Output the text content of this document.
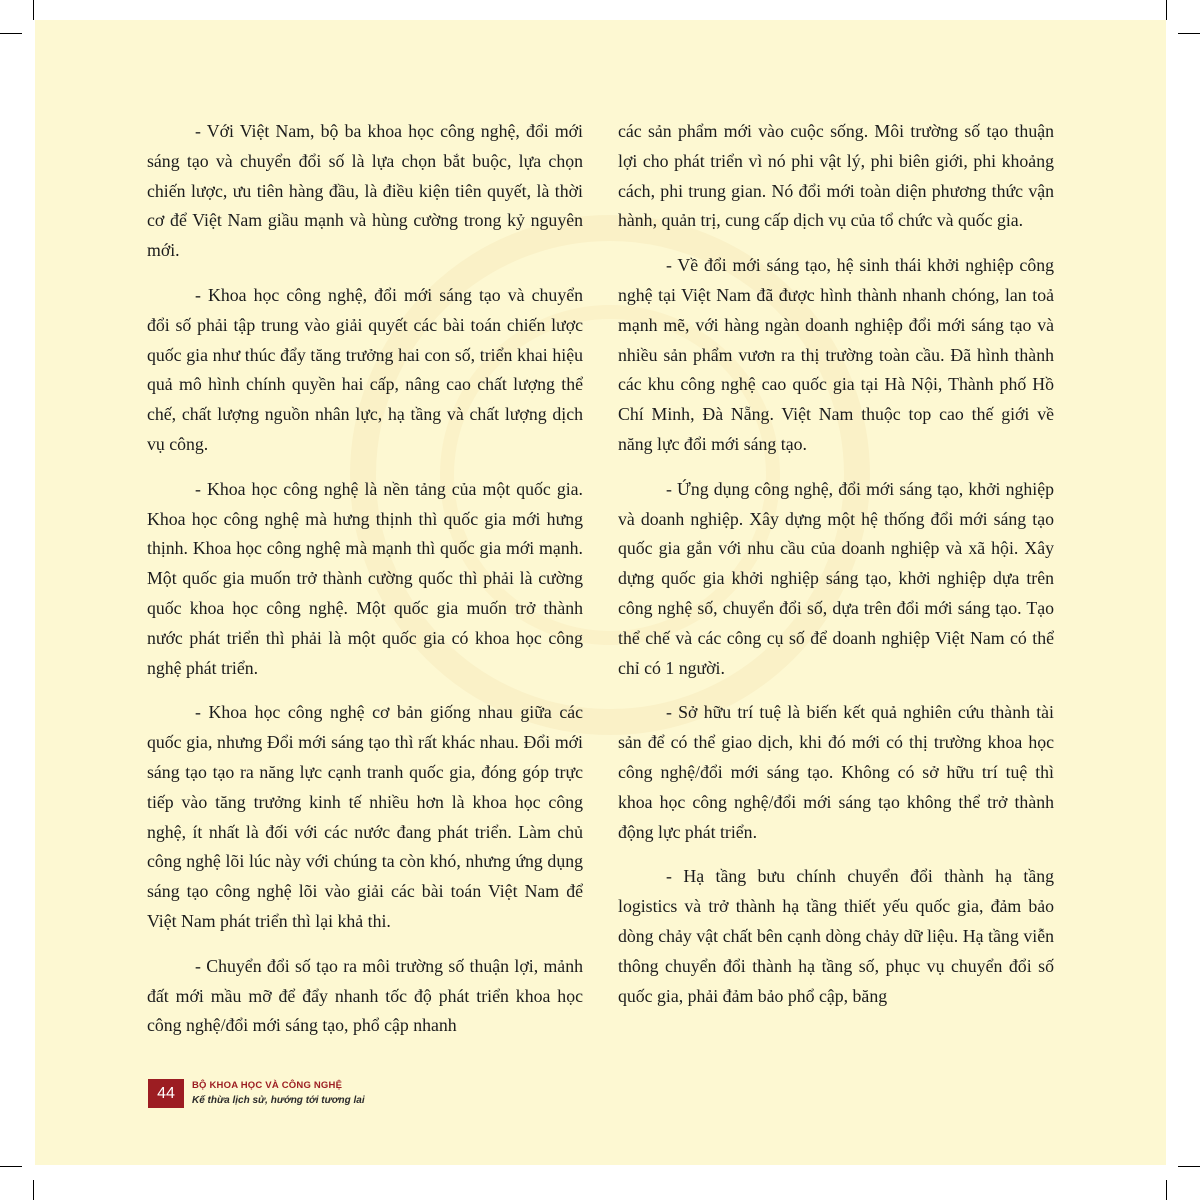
- Với Việt Nam, bộ ba khoa học công nghệ, đổi mới sáng tạo và chuyển đổi số là lựa chọn bắt buộc, lựa chọn chiến lược, ưu tiên hàng đầu, là điều kiện tiên quyết, là thời cơ để Việt Nam giầu mạnh và hùng cường trong kỷ nguyên mới.

- Khoa học công nghệ, đổi mới sáng tạo và chuyển đổi số phải tập trung vào giải quyết các bài toán chiến lược quốc gia như thúc đẩy tăng trưởng hai con số, triển khai hiệu quả mô hình chính quyền hai cấp, nâng cao chất lượng thể chế, chất lượng nguồn nhân lực, hạ tầng và chất lượng dịch vụ công.

- Khoa học công nghệ là nền tảng của một quốc gia. Khoa học công nghệ mà hưng thịnh thì quốc gia mới hưng thịnh. Khoa học công nghệ mà mạnh thì quốc gia mới mạnh. Một quốc gia muốn trở thành cường quốc thì phải là cường quốc khoa học công nghệ. Một quốc gia muốn trở thành nước phát triển thì phải là một quốc gia có khoa học công nghệ phát triển.

- Khoa học công nghệ cơ bản giống nhau giữa các quốc gia, nhưng Đổi mới sáng tạo thì rất khác nhau. Đổi mới sáng tạo tạo ra năng lực cạnh tranh quốc gia, đóng góp trực tiếp vào tăng trưởng kinh tế nhiều hơn là khoa học công nghệ, ít nhất là đối với các nước đang phát triển. Làm chủ công nghệ lõi lúc này với chúng ta còn khó, nhưng ứng dụng sáng tạo công nghệ lõi vào giải các bài toán Việt Nam để Việt Nam phát triển thì lại khả thi.

- Chuyển đổi số tạo ra môi trường số thuận lợi, mảnh đất mới mầu mỡ để đẩy nhanh tốc độ phát triển khoa học công nghệ/đổi mới sáng tạo, phổ cập nhanh

các sản phẩm mới vào cuộc sống. Môi trường số tạo thuận lợi cho phát triển vì nó phi vật lý, phi biên giới, phi khoảng cách, phi trung gian. Nó đổi mới toàn diện phương thức vận hành, quản trị, cung cấp dịch vụ của tổ chức và quốc gia.

- Về đổi mới sáng tạo, hệ sinh thái khởi nghiệp công nghệ tại Việt Nam đã được hình thành nhanh chóng, lan toả mạnh mẽ, với hàng ngàn doanh nghiệp đổi mới sáng tạo và nhiều sản phẩm vươn ra thị trường toàn cầu. Đã hình thành các khu công nghệ cao quốc gia tại Hà Nội, Thành phố Hồ Chí Minh, Đà Nẵng. Việt Nam thuộc top cao thế giới về năng lực đổi mới sáng tạo.

- Ứng dụng công nghệ, đổi mới sáng tạo, khởi nghiệp và doanh nghiệp. Xây dựng một hệ thống đổi mới sáng tạo quốc gia gắn với nhu cầu của doanh nghiệp và xã hội. Xây dựng quốc gia khởi nghiệp sáng tạo, khởi nghiệp dựa trên công nghệ số, chuyển đổi số, dựa trên đổi mới sáng tạo. Tạo thể chế và các công cụ số để doanh nghiệp Việt Nam có thể chỉ có 1 người.

- Sở hữu trí tuệ là biến kết quả nghiên cứu thành tài sản để có thể giao dịch, khi đó mới có thị trường khoa học công nghệ/đổi mới sáng tạo. Không có sở hữu trí tuệ thì khoa học công nghệ/đổi mới sáng tạo không thể trở thành động lực phát triển.

- Hạ tầng bưu chính chuyển đổi thành hạ tầng logistics và trở thành hạ tầng thiết yếu quốc gia, đảm bảo dòng chảy vật chất bên cạnh dòng chảy dữ liệu. Hạ tầng viễn thông chuyển đổi thành hạ tầng số, phục vụ chuyển đổi số quốc gia, phải đảm bảo phổ cập, băng

44	BỘ KHOA HỌC VÀ CÔNG NGHỆ
Kế thừa lịch sử, hướng tới tương lai
